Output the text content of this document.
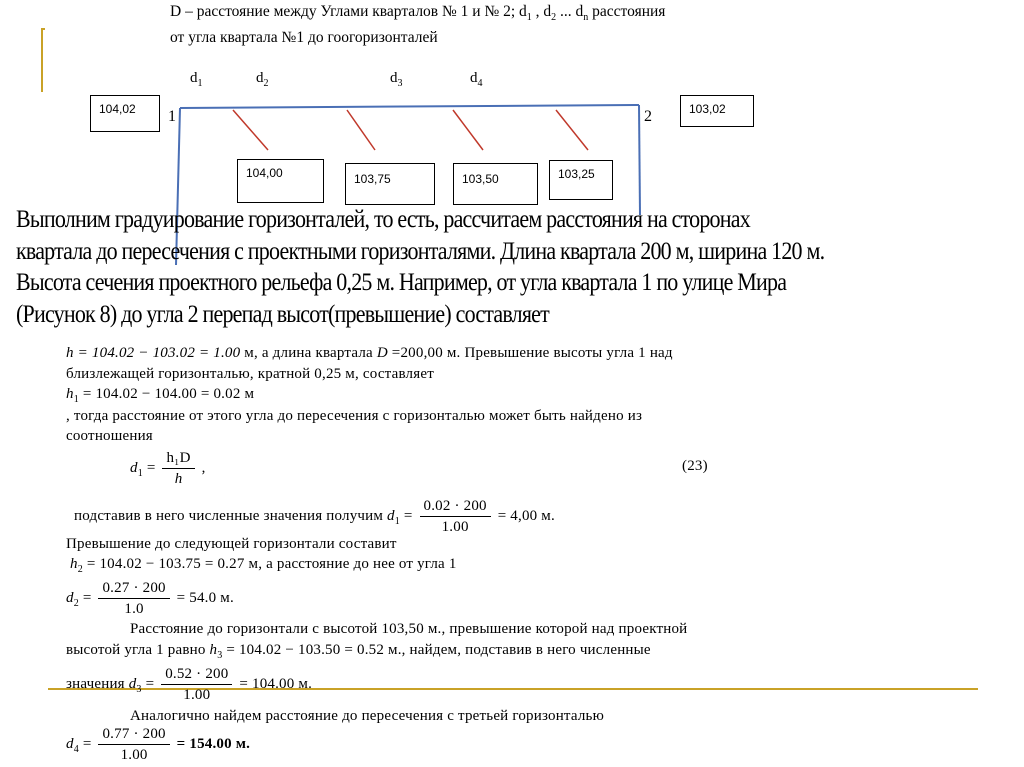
D – расстояние между Углами кварталов № 1 и № 2; $d_1$ , $d_2$ ... $d_n$ расстояния
от угла квартала №1 до гоогоризонталей
$d_1$	$d_2$	$d_3$	$d_4$
1	2
104,02	103,02
104,00	103,75	103,50	103,25
Выполним градуирование горизонталей, то есть, рассчитаем расстояния на сторонах
квартала до пересечения с проектными горизонталями. Длина квартала 200 м, ширина 120 м.
Высота сечения проектного рельефа 0,25 м. Например, от угла квартала 1 по улице Мира
(Рисунок 8) до угла 2 перепад высот(превышение) составляет
h = 104.02 − 103.02 = 1.00 м, а длина квартала D =200,00 м. Превышение высоты угла 1 над
близлежащей горизонталью, кратной 0,25 м, составляет
$h_1 = 104.02 - 104.00 = 0.02$ м
, тогда расстояние от этого угла до пересечения с горизонталью может быть найдено из
соотношения
$d_1 = \frac{\text{h₁D}}{h}$ ,	(23)
подставив в него численные значения получим $d_1 = \frac{0.02 \cdot 200}{1.00} = 4,00$ м.
Превышение до следующей горизонтали составит
$h_2 = 104.02 - 103.75 = 0.27$ м, а расстояние до нее от угла 1
$d_2 = \frac{0.27 \cdot 200}{1.0} = 54.0$ м.
Расстояние до горизонтали с высотой 103,50 м., превышение которой над проектной
высотой угла 1 равно $h_3 = 104.02 - 103.50 = 0.52$ м., найдем, подставив в него численные
значения $d_3 = \frac{0.52 \cdot 200}{1.00} = 104.00$ м.
Аналогично найдем расстояние до пересечения с третьей горизонталью
$d_4 = \frac{0.77 \cdot 200}{1.00} = 154.00$ м.
